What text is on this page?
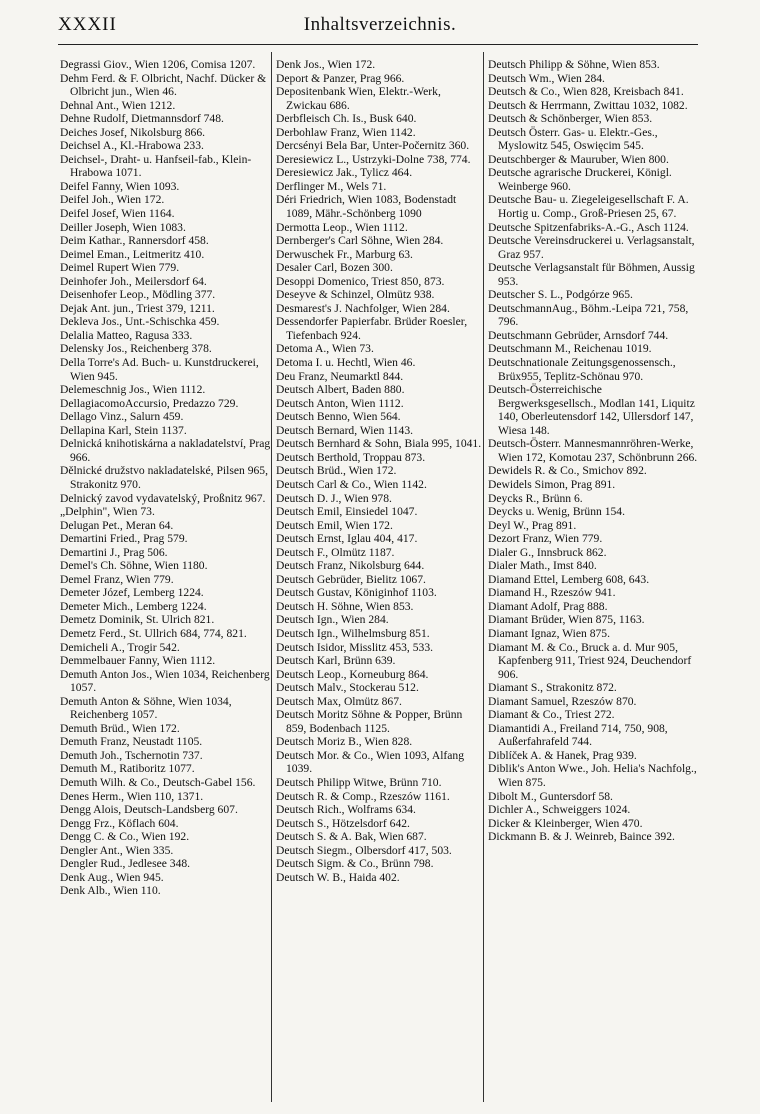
XXXII	Inhaltsverzeichnis.

Degrassi Giov., Wien 1206, Comisa 1207.

Dehm Ferd. & F. Olbricht, Nachf. Dücker & Olbricht jun., Wien 46.

Dehnal Ant., Wien 1212.

Dehne Rudolf, Dietmannsdorf 748.

Deiches Josef, Nikolsburg 866.

Deichsel A., Kl.-Hrabowa 233.

Deichsel-, Draht- u. Hanfseil-fab., Klein-Hrabowa 1071.

Deifel Fanny, Wien 1093.

Deifel Joh., Wien 172.

Deifel Josef, Wien 1164.

Deiller Joseph, Wien 1083.

Deim Kathar., Rannersdorf 458.

Deimel Eman., Leitmeritz 410.

Deimel Rupert Wien 779.

Deinhofer Joh., Meilersdorf 64.

Deisenhofer Leop., Mödling 377.

Dejak Ant. jun., Triest 379, 1211.

Dekleva Jos., Unt.-Schischka 459.

Delalia Matteo, Ragusa 333.

Delensky Jos., Reichenberg 378.

Della Torre's Ad. Buch- u. Kunstdruckerei, Wien 945.

Delemeschnig Jos., Wien 1112.

DellagiacomoAccursio, Predazzo 729.

Dellago Vinz., Salurn 459.

Dellapina Karl, Stein 1137.

Delnická knihotiskárna a nakladatelství, Prag 966.

Dělnické družstvo nakladatelské, Pilsen 965, Strakonitz 970.

Delnický zavod vydavatelský, Proßnitz 967.

„Delphin", Wien 73.

Delugan Pet., Meran 64.

Demartini Fried., Prag 579.

Demartini J., Prag 506.

Demel's Ch. Söhne, Wien 1180.

Demel Franz, Wien 779.

Demeter Józef, Lemberg 1224.

Demeter Mich., Lemberg 1224.

Demetz Dominik, St. Ulrich 821.

Demetz Ferd., St. Ullrich 684, 774, 821.

Demicheli A., Trogir 542.

Demmelbauer Fanny, Wien 1112.

Demuth Anton Jos., Wien 1034, Reichenberg 1057.

Demuth Anton & Söhne, Wien 1034, Reichenberg 1057.

Demuth Brüd., Wien 172.

Demuth Franz, Neustadt 1105.

Demuth Joh., Tschernotin 737.

Demuth M., Ratiboritz 1077.

Demuth Wilh. & Co., Deutsch-Gabel 156.

Denes Herm., Wien 110, 1371.

Dengg Alois, Deutsch-Landsberg 607.

Dengg Frz., Köflach 604.

Dengg C. & Co., Wien 192.

Dengler Ant., Wien 335.

Dengler Rud., Jedlesee 348.

Denk Aug., Wien 945.

Denk Alb., Wien 110.

Denk Jos., Wien 172.

Deport & Panzer, Prag 966.

Depositenbank Wien, Elektr.-Werk, Zwickau 686.

Derbfleisch Ch. Is., Busk 640.

Derbohlaw Franz, Wien 1142.

Dercsényi Bela Bar, Unter-Počernitz 360.

Deresiewicz L., Ustrzyki-Dolne 738, 774.

Deresiewicz Jak., Tylicz 464.

Derflinger M., Wels 71.

Déri Friedrich, Wien 1083, Bodenstadt 1089, Mähr.-Schönberg 1090

Dermotta Leop., Wien 1112.

Dernberger's Carl Söhne, Wien 284.

Derwuschek Fr., Marburg 63.

Desaler Carl, Bozen 300.

Desoppi Domenico, Triest 850, 873.

Deseyve & Schinzel, Olmütz 938.

Desmarest's J. Nachfolger, Wien 284.

Dessendorfer Papierfabr. Brüder Roesler, Tiefenbach 924.

Detoma A., Wien 73.

Detoma I. u. Hechtl, Wien 46.

Deu Franz, Neumarktl 844.

Deutsch Albert, Baden 880.

Deutsch Anton, Wien 1112.

Deutsch Benno, Wien 564.

Deutsch Bernard, Wien 1143.

Deutsch Bernhard & Sohn, Biala 995, 1041.

Deutsch Berthold, Troppau 873.

Deutsch Brüd., Wien 172.

Deutsch Carl & Co., Wien 1142.

Deutsch D. J., Wien 978.

Deutsch Emil, Einsiedel 1047.

Deutsch Emil, Wien 172.

Deutsch Ernst, Iglau 404, 417.

Deutsch F., Olmütz 1187.

Deutsch Franz, Nikolsburg 644.

Deutsch Gebrüder, Bielitz 1067.

Deutsch Gustav, Königinhof 1103.

Deutsch H. Söhne, Wien 853.

Deutsch Ign., Wien 284.

Deutsch Ign., Wilhelmsburg 851.

Deutsch Isidor, Misslitz 453, 533.

Deutsch Karl, Brünn 639.

Deutsch Leop., Korneuburg 864.

Deutsch Malv., Stockerau 512.

Deutsch Max, Olmütz 867.

Deutsch Moritz Söhne & Popper, Brünn 859, Bodenbach 1125.

Deutsch Moriz B., Wien 828.

Deutsch Mor. & Co., Wien 1093, Alfang 1039.

Deutsch Philipp Witwe, Brünn 710.

Deutsch R. & Comp., Rzeszów 1161.

Deutsch Rich., Wolframs 634.

Deutsch S., Hötzelsdorf 642.

Deutsch S. & A. Bak, Wien 687.

Deutsch Siegm., Olbersdorf 417, 503.

Deutsch Sigm. & Co., Brünn 798.

Deutsch W. B., Haida 402.

Deutsch Philipp & Söhne, Wien 853.

Deutsch Wm., Wien 284.

Deutsch & Co., Wien 828, Kreisbach 841.

Deutsch & Herrmann, Zwittau 1032, 1082.

Deutsch & Schönberger, Wien 853.

Deutsch Österr. Gas- u. Elektr.-Ges., Myslowitz 545, Oswięcim 545.

Deutschberger & Mauruber, Wien 800.

Deutsche agrarische Druckerei, Königl. Weinberge 960.

Deutsche Bau- u. Ziegeleigesellschaft F. A. Hortig u. Comp., Groß-Priesen 25, 67.

Deutsche Spitzenfabriks-A.-G., Asch 1124.

Deutsche Vereinsdruckerei u. Verlagsanstalt, Graz 957.

Deutsche Verlagsanstalt für Böhmen, Aussig 953.

Deutscher S. L., Podgórze 965.

DeutschmannAug., Böhm.-Leipa 721, 758, 796.

Deutschmann Gebrüder, Arnsdorf 744.

Deutschmann M., Reichenau 1019.

Deutschnationale Zeitungsgenossensch., Brüx955, Teplitz-Schönau 970.

Deutsch-Österreichische Bergwerksgesellsch., Modlan 141, Liquitz 140, Oberleutensdorf 142, Ullersdorf 147, Wiesa 148.

Deutsch-Österr. Mannesmannröhren-Werke, Wien 172, Komotau 237, Schönbrunn 266.

Dewidels R. & Co., Smichov 892.

Dewidels Simon, Prag 891.

Deycks R., Brünn 6.

Deycks u. Wenig, Brünn 154.

Deyl W., Prag 891.

Dezort Franz, Wien 779.

Dialer G., Innsbruck 862.

Dialer Math., Imst 840.

Diamand Ettel, Lemberg 608, 643.

Diamand H., Rzeszów 941.

Diamant Adolf, Prag 888.

Diamant Brüder, Wien 875, 1163.

Diamant Ignaz, Wien 875.

Diamant M. & Co., Bruck a. d. Mur 905, Kapfenberg 911, Triest 924, Deuchendorf 906.

Diamant S., Strakonitz 872.

Diamant Samuel, Rzeszów 870.

Diamant & Co., Triest 272.

Diamantidi A., Freiland 714, 750, 908, Außerfahrafeld 744.

Diblíček A. & Hanek, Prag 939.

Diblik's Anton Wwe., Joh. Helia's Nachfolg., Wien 875.

Dibolt M., Guntersdorf 58.

Dichler A., Schweiggers 1024.

Dicker & Kleinberger, Wien 470.

Dickmann B. & J. Weinreb, Baince 392.
